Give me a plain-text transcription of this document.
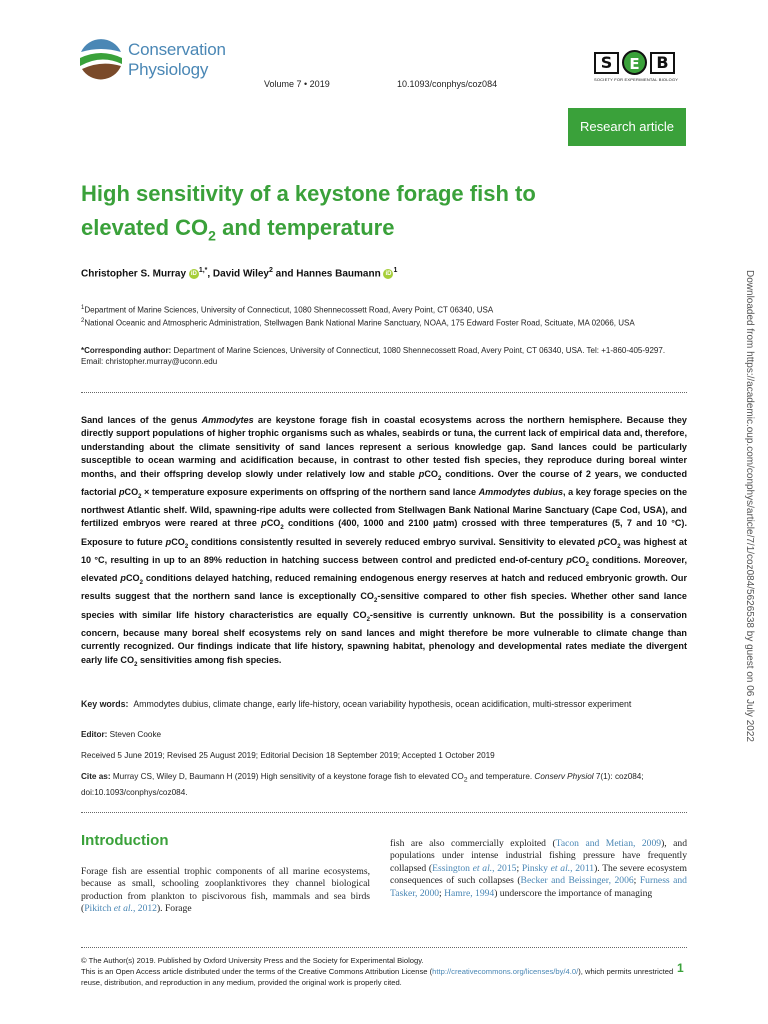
Conservation
Physiology
Volume 7 • 2019	10.1093/conphys/coz084
S	E	B
SOCIETY FOR EXPERIMENTAL BIOLOGY
Research article
High sensitivity of a keystone forage fish to
elevated $CO_2$ and temperature
Christopher S. Murray iD $^{1,*}$, David Wiley$^2$ and Hannes Baumann iD $^1$
$^1$Department of Marine Sciences, University of Connecticut, 1080 Shennecossett Road, Avery Point, CT 06340, USA
$^2$National Oceanic and Atmospheric Administration, Stellwagen Bank National Marine Sanctuary, NOAA, 175 Edward Foster Road, Scituate, MA 02066, USA
*Corresponding author: Department of Marine Sciences, University of Connecticut, 1080 Shennecossett Road, Avery Point, CT 06340, USA. Tel: +1-860-405-9297. Email: christopher.murray@uconn.edu
Sand lances of the genus Ammodytes are keystone forage fish in coastal ecosystems across the northern hemisphere. Because they directly support populations of higher trophic organisms such as whales, seabirds or tuna, the current lack of empirical data and, therefore, understanding about the climate sensitivity of sand lances represent a serious knowledge gap. Sand lances could be particularly susceptible to ocean warming and acidification because, in contrast to other tested fish species, they reproduce during boreal winter months, and their offspring develop slowly under relatively low and stable pCO$_2$ conditions. Over the course of 2 years, we conducted factorial pCO$_2$ × temperature exposure experiments on offspring of the northern sand lance Ammodytes dubius, a key forage species on the northwest Atlantic shelf. Wild, spawning-ripe adults were collected from Stellwagen Bank National Marine Sanctuary (Cape Cod, USA), and fertilized embryos were reared at three pCO$_2$ conditions (400, 1000 and 2100 µatm) crossed with three temperatures (5, 7 and 10 °C). Exposure to future pCO$_2$ conditions consistently resulted in severely reduced embryo survival. Sensitivity to elevated pCO$_2$ was highest at 10 °C, resulting in up to an 89% reduction in hatching success between control and predicted end-of-century pCO$_2$ conditions. Moreover, elevated pCO$_2$ conditions delayed hatching, reduced remaining endogenous energy reserves at hatch and reduced embryonic growth. Our results suggest that the northern sand lance is exceptionally $CO_2$-sensitive compared to other fish species. Whether other sand lance species with similar life history characteristics are equally $CO_2$-sensitive is currently unknown. But the possibility is a conservation concern, because many boreal shelf ecosystems rely on sand lances and might therefore be more vulnerable to climate change than currently recognized. Our findings indicate that life history, spawning habitat, phenology and developmental rates mediate the divergent early life $CO_2$ sensitivities among fish species.
Key words: Ammodytes dubius, climate change, early life-history, ocean variability hypothesis, ocean acidification, multi-stressor experiment
Editor: Steven Cooke
Received 5 June 2019; Revised 25 August 2019; Editorial Decision 18 September 2019; Accepted 1 October 2019
Cite as: Murray CS, Wiley D, Baumann H (2019) High sensitivity of a keystone forage fish to elevated $CO_2$ and temperature. Conserv Physiol 7(1): coz084; doi:10.1093/conphys/coz084.
Introduction
Forage fish are essential trophic components of all marine ecosystems, because as small, schooling zooplanktivores they channel biological production from plankton to piscivorous fish, mammals and sea birds (Pikitch et al., 2012). Forage
fish are also commercially exploited (Tacon and Metian, 2009), and populations under intense industrial fishing pressure have frequently collapsed (Essington et al., 2015; Pinsky et al., 2011). The severe ecosystem consequences of such collapses (Becker and Beissinger, 2006; Furness and Tasker, 2000; Hamre, 1994) underscore the importance of managing
© The Author(s) 2019. Published by Oxford University Press and the Society for Experimental Biology.
This is an Open Access article distributed under the terms of the Creative Commons Attribution License (http://creativecommons.org/licenses/by/4.0/), which permits unrestricted reuse, distribution, and reproduction in any medium, provided the original work is properly cited.
1
Downloaded from https://academic.oup.com/conphys/article/7/1/coz084/5626538 by guest on 06 July 2022
